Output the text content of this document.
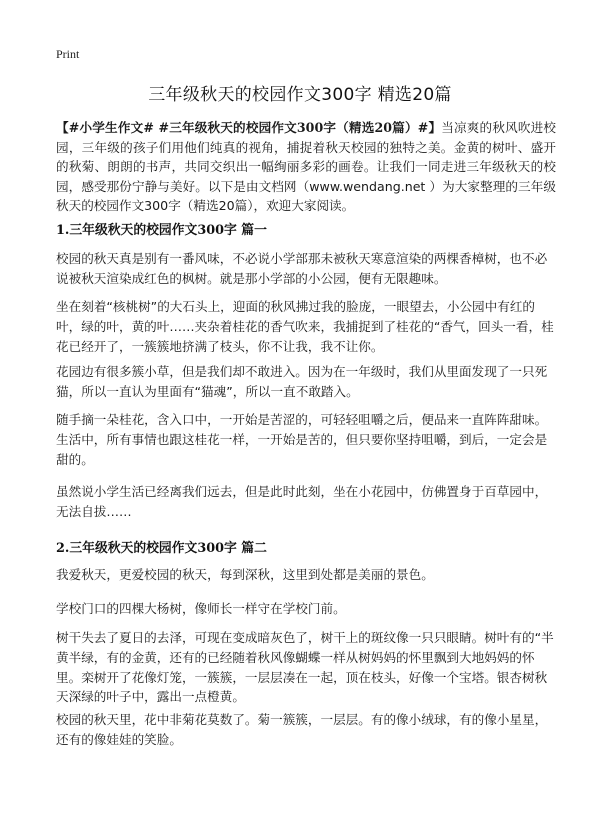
Print
三年级秋天的校园作文300字 精选20篇

【#小学生作文# #三年级秋天的校园作文300字（精选20篇）#】当凉爽的秋风吹进校园，三年级的孩子们用他们纯真的视角，捕捉着秋天校园的独特之美。金黄的树叶、盛开的秋菊、朗朗的书声，共同交织出一幅绚丽多彩的画卷。让我们一同走进三年级秋天的校园，感受那份宁静与美好。以下是由文档网（www.wendang.net ）为大家整理的三年级秋天的校园作文300字（精选20篇），欢迎大家阅读。

1.三年级秋天的校园作文300字 篇一

校园的秋天真是别有一番风味，不必说小学部那未被秋天寒意渲染的两棵香樟树，也不必说被秋天渲染成红色的枫树。就是那小学部的小公园，便有无限趣味。

坐在刻着“核桃树”的大石头上，迎面的秋风拂过我的脸庞，一眼望去，小公园中有红的叶，绿的叶，黄的叶……夹杂着桂花的香气吹来，我捕捉到了桂花的“香气，回头一看，桂花已经开了，一簇簇地挤满了枝头，你不让我，我不让你。

花园边有很多簇小草，但是我们却不敢进入。因为在一年级时，我们从里面发现了一只死猫，所以一直认为里面有“猫魂”，所以一直不敢踏入。

随手摘一朵桂花，含入口中，一开始是苦涩的，可轻轻咀嚼之后，便品来一直阵阵甜味。生活中，所有事情也跟这桂花一样，一开始是苦的，但只要你坚持咀嚼，到后，一定会是甜的。

虽然说小学生活已经离我们远去，但是此时此刻，坐在小花园中，仿佛置身于百草园中，无法自拔……

2.三年级秋天的校园作文300字 篇二

我爱秋天，更爱校园的秋天，每到深秋，这里到处都是美丽的景色。

学校门口的四棵大杨树，像师长一样守在学校门前。

树干失去了夏日的去泽，可现在变成暗灰色了，树干上的斑纹像一只只眼睛。树叶有的“半黄半绿，有的金黄，还有的已经随着秋风像蝴蝶一样从树妈妈的怀里飘到大地妈妈的怀里。栾树开了花像灯笼，一簇簇，一层层凑在一起，顶在枝头，好像一个宝塔。银杏树秋天深绿的叶子中，露出一点橙黄。

校园的秋天里，花中非菊花莫数了。菊一簇簇，一层层。有的像小绒球，有的像小星星，还有的像娃娃的笑脸。
